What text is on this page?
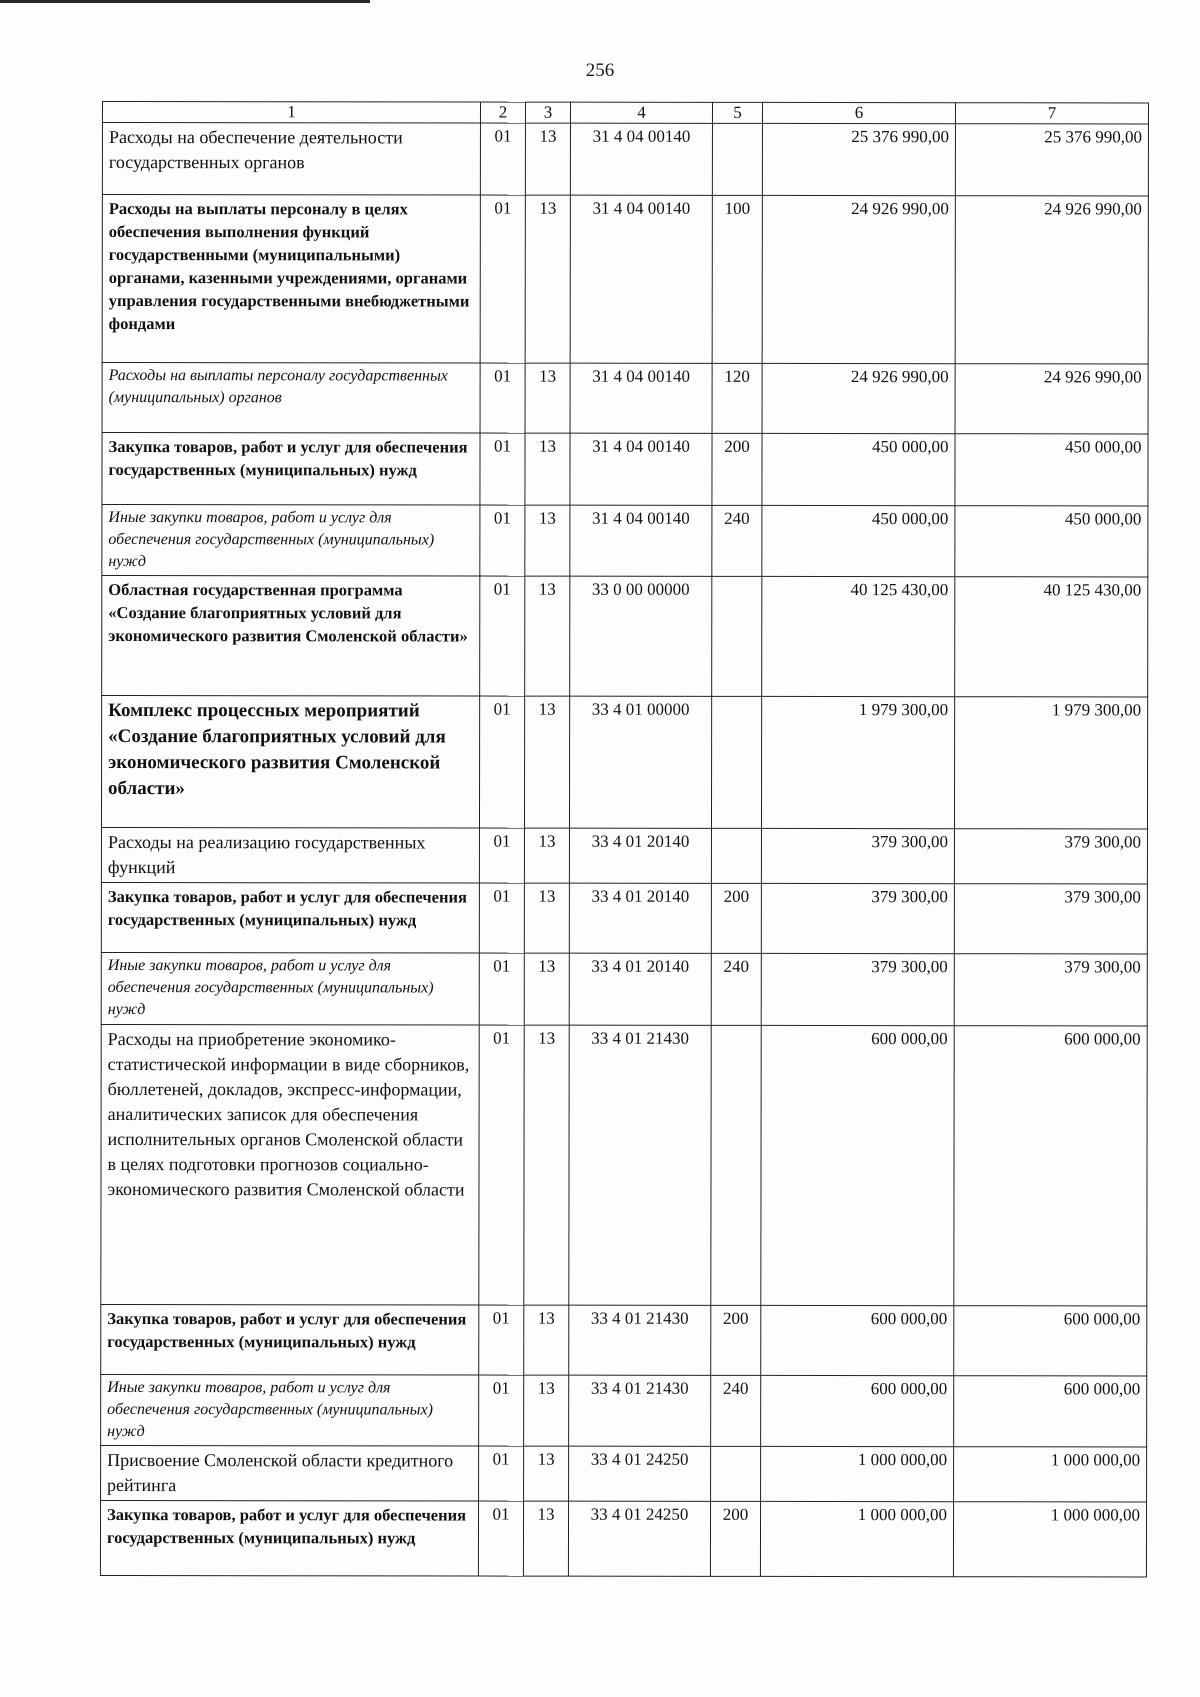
256
1	2	3	4	5	6	7
Расходы на обеспечение деятельности государственных органов	01	13	31 4 04 00140		25 376 990,00	25 376 990,00
Расходы на выплаты персоналу в целях обеспечения выполнения функций государственными (муниципальными) органами, казенными учреждениями, органами управления государственными внебюджетными фондами	01	13	31 4 04 00140	100	24 926 990,00	24 926 990,00
Расходы на выплаты персоналу государственных (муниципальных) органов	01	13	31 4 04 00140	120	24 926 990,00	24 926 990,00
Закупка товаров, работ и услуг для обеспечения государственных (муниципальных) нужд	01	13	31 4 04 00140	200	450 000,00	450 000,00
Иные закупки товаров, работ и услуг для обеспечения государственных (муниципальных) нужд	01	13	31 4 04 00140	240	450 000,00	450 000,00
Областная государственная программа «Создание благоприятных условий для экономического развития Смоленской области»	01	13	33 0 00 00000		40 125 430,00	40 125 430,00
Комплекс процессных мероприятий «Создание благоприятных условий для экономического развития Смоленской области»	01	13	33 4 01 00000		1 979 300,00	1 979 300,00
Расходы на реализацию государственных функций	01	13	33 4 01 20140		379 300,00	379 300,00
Закупка товаров, работ и услуг для обеспечения государственных (муниципальных) нужд	01	13	33 4 01 20140	200	379 300,00	379 300,00
Иные закупки товаров, работ и услуг для обеспечения государственных (муниципальных) нужд	01	13	33 4 01 20140	240	379 300,00	379 300,00
Расходы на приобретение экономико-статистической информации в виде сборников, бюллетеней, докладов, экспресс-информации, аналитических записок для обеспечения исполнительных органов Смоленской области в целях подготовки прогнозов социально-экономического развития Смоленской области	01	13	33 4 01 21430		600 000,00	600 000,00
Закупка товаров, работ и услуг для обеспечения государственных (муниципальных) нужд	01	13	33 4 01 21430	200	600 000,00	600 000,00
Иные закупки товаров, работ и услуг для обеспечения государственных (муниципальных) нужд	01	13	33 4 01 21430	240	600 000,00	600 000,00
Присвоение Смоленской области кредитного рейтинга	01	13	33 4 01 24250		1 000 000,00	1 000 000,00
Закупка товаров, работ и услуг для обеспечения государственных (муниципальных) нужд	01	13	33 4 01 24250	200	1 000 000,00	1 000 000,00
